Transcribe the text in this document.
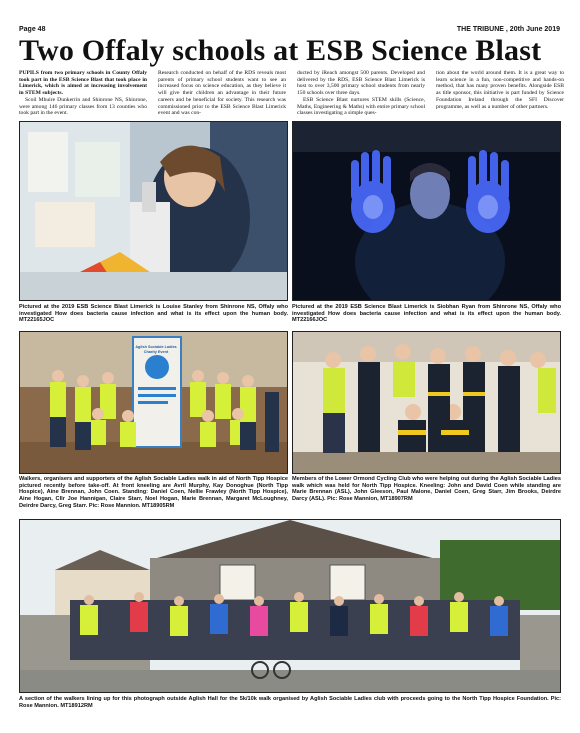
Page 48	THE TRIBUNE , 20th June 2019
Two Offaly schools at ESB Science Blast

PUPILS from two primary schools in County Offaly took part in the ESB Science Blast that took place in Limerick, which is aimed at increasing involvement in STEM subjects.

Scoil Mhuire Dunkerrin and Shinrone NS, Shinrone, were among 146 primary classes from 13 counties who took part in the event.

Research conducted on behalf of the RDS reveals most parents of primary school students want to see an increased focus on science education, as they believe it will give their children an advantage in their future careers and be beneficial for society. This research was commissioned prior to the ESB Science Blast Limerick event and was con-

ducted by iReach amongst 500 parents. Developed and delivered by the RDS, ESB Science Blast Limerick is host to over 3,500 primary school students from nearly 150 schools over three days.

ESB Science Blast nurtures STEM skills (Science, Maths, Engineering & Maths) with entire primary school classes investigating a simple ques-

tion about the world around them. It is a great way to learn science in a fun, non-competitive and hands-on method, that has many proven benefits. Alongside ESB as title sponsor, this initiative is part funded by Science Foundation Ireland through the SFI Discover programme, as well as a number of other partners.

Pictured at the 2019 ESB Science Blast Limerick is Louise Stanley from Shinrone NS, Offaly who investigated How does bacteria cause infection and what is its effect upon the human body. MT22165JOC
Pictured at the 2019 ESB Science Blast Limerick is Siobhan Ryan from Shinrone NS, Offaly who investigated How does bacteria cause infection and what is its effect upon the human body. MT22166JOC
Aglish Sociable Ladies Charity Event
Walkers, organisers and supporters of the Aglish Sociable Ladies walk in aid of North Tipp Hospice pictured recently before take-off. At front kneeling are Avril Murphy, Kay Donoghue (North Tipp Hospice), Aine Brennan, John Coen. Standing: Daniel Coen, Nellie Frawley (North Tipp Hospice), Aine Hogan, Cllr Joe Hannigan, Claire Starr, Noel Hogan, Marie Brennan, Margaret McLoughney, Deirdre Darcy, Greg Starr. Pic: Rose Mannion. MT18905RM
Members of the Lower Ormond Cycling Club who were helping out during the Aglish Sociable Ladies walk which was held for North Tipp Hospice. Kneeling: John and David Coen while standing are Marie Brennan (ASL), John Gleeson, Paul Malone, Daniel Coen, Greg Starr, Jim Brooks, Deirdre Darcy (ASL). Pic: Rose Mannion, MT18907RM
A section of the walkers lining up for this photograph outside Aglish Hall for the 5k/10k walk organised by Aglish Sociable Ladies club with proceeds going to the North Tipp Hospice Foundation. Pic: Rose Mannion. MT18912RM
